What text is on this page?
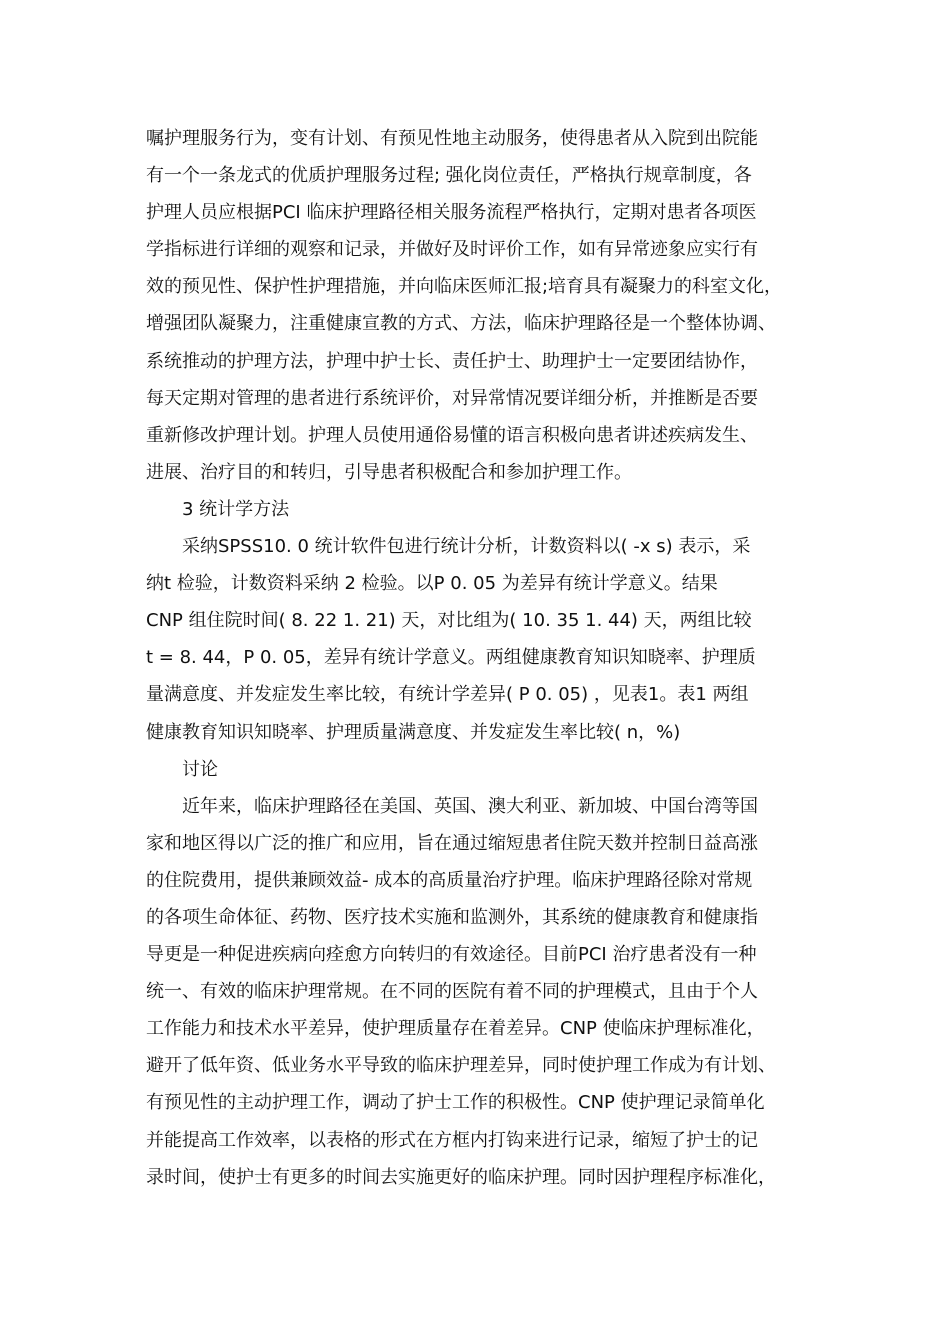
嘱护理服务行为，变有计划、有预见性地主动服务，使得患者从入院到出院能
有一个一条龙式的优质护理服务过程; 强化岗位责任，严格执行规章制度，各
护理人员应根据PCI 临床护理路径相关服务流程严格执行，定期对患者各项医
学指标进行详细的观察和记录，并做好及时评价工作，如有异常迹象应实行有
效的预见性、保护性护理措施，并向临床医师汇报;培育具有凝聚力的科室文化，
增强团队凝聚力，注重健康宣教的方式、方法，临床护理路径是一个整体协调、
系统推动的护理方法，护理中护士长、责任护士、助理护士一定要团结协作，
每天定期对管理的患者进行系统评价，对异常情况要详细分析，并推断是否要
重新修改护理计划。护理人员使用通俗易懂的语言积极向患者讲述疾病发生、
进展、治疗目的和转归，引导患者积极配合和参加护理工作。
3 统计学方法
采纳SPSS10. 0 统计软件包进行统计分析，计数资料以( -x s) 表示，采
纳t 检验，计数资料采纳 2 检验。以P 0. 05 为差异有统计学意义。结果
CNP 组住院时间( 8. 22 1. 21) 天，对比组为( 10. 35 1. 44) 天，两组比较
t = 8. 44，P 0. 05，差异有统计学意义。两组健康教育知识知晓率、护理质
量满意度、并发症发生率比较，有统计学差异( P 0. 05) ，见表1。表1 两组
健康教育知识知晓率、护理质量满意度、并发症发生率比较( n，%)
讨论
近年来，临床护理路径在美国、英国、澳大利亚、新加坡、中国台湾等国
家和地区得以广泛的推广和应用，旨在通过缩短患者住院天数并控制日益高涨
的住院费用，提供兼顾效益- 成本的高质量治疗护理。临床护理路径除对常规
的各项生命体征、药物、医疗技术实施和监测外，其系统的健康教育和健康指
导更是一种促进疾病向痊愈方向转归的有效途径。目前PCI 治疗患者没有一种
统一、有效的临床护理常规。在不同的医院有着不同的护理模式，且由于个人
工作能力和技术水平差异，使护理质量存在着差异。CNP 使临床护理标准化，
避开了低年资、低业务水平导致的临床护理差异，同时使护理工作成为有计划、
有预见性的主动护理工作，调动了护士工作的积极性。CNP 使护理记录简单化
并能提高工作效率，以表格的形式在方框内打钩来进行记录，缩短了护士的记
录时间，使护士有更多的时间去实施更好的临床护理。同时因护理程序标准化，
